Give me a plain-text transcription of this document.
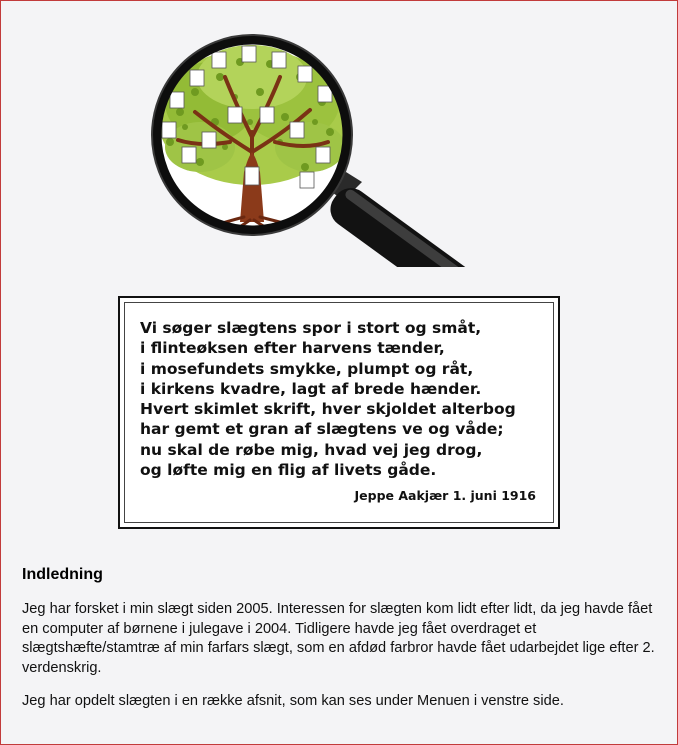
Vi søger slægtens spor i stort og småt,
i flinteøksen efter harvens tænder,
i mosefundets smykke, plumpt og råt,
i kirkens kvadre, lagt af brede hænder.
Hvert skimlet skrift, hver skjoldet alterbog
har gemt et gran af slægtens ve og våde;
nu skal de røbe mig, hvad vej jeg drog,
og løfte mig en flig af livets gåde.
Jeppe Aakjær 1. juni 1916
Indledning

Jeg har forsket i min slægt siden 2005. Interessen for slægten kom lidt efter lidt, da jeg havde fået en computer af børnene i julegave i 2004. Tidligere havde jeg fået overdraget et slægtshæfte/stamtræ af min farfars slægt, som en afdød farbror havde fået udarbejdet lige efter 2. verdenskrig.

Jeg har opdelt slægten i en række afsnit, som kan ses under Menuen i venstre side.
